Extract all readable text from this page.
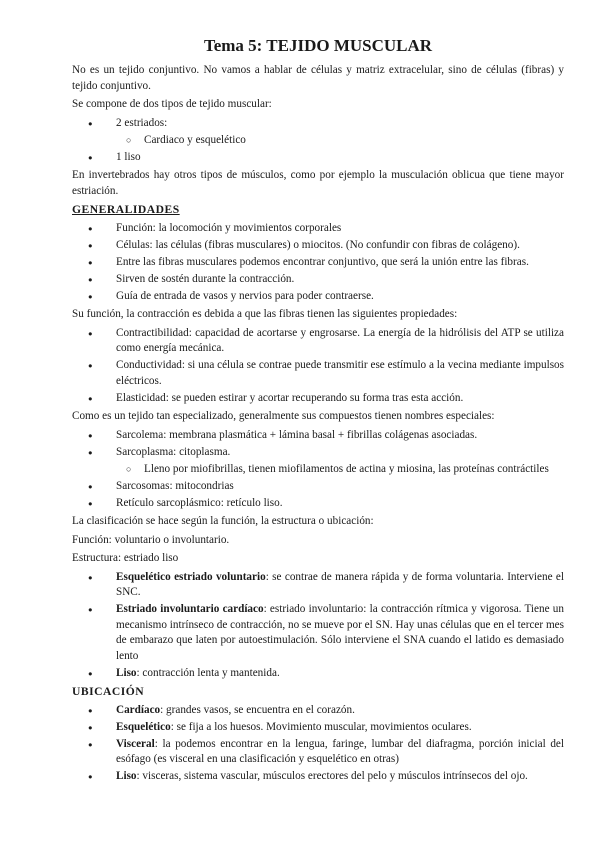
Tema 5: TEJIDO MUSCULAR

No es un tejido conjuntivo. No vamos a hablar de células y matriz extracelular, sino de células (fibras) y tejido conjuntivo.

Se compone de dos tipos de tejido muscular:

● 2 estriados:
○ Cardiaco y esquelético
● 1 liso

En invertebrados hay otros tipos de músculos, como por ejemplo la musculación oblicua que tiene mayor estriación.

GENERALIDADES
● Función: la locomoción y movimientos corporales
● Células: las células (fibras musculares) o miocitos. (No confundir con fibras de colágeno).
● Entre las fibras musculares podemos encontrar conjuntivo, que será la unión entre las fibras.
● Sirven de sostén durante la contracción.
● Guía de entrada de vasos y nervios para poder contraerse.

Su función, la contracción es debida a que las fibras tienen las siguientes propiedades:

● Contractibilidad: capacidad de acortarse y engrosarse. La energía de la hidrólisis del ATP se utiliza como energía mecánica.
● Conductividad: si una célula se contrae puede transmitir ese estímulo a la vecina mediante impulsos eléctricos.
● Elasticidad: se pueden estirar y acortar recuperando su forma tras esta acción.

Como es un tejido tan especializado, generalmente sus compuestos tienen nombres especiales:

● Sarcolema: membrana plasmática + lámina basal + fibrillas colágenas asociadas.
● Sarcoplasma: citoplasma.
○ Lleno por miofibrillas, tienen miofilamentos de actina y miosina, las proteínas contráctiles
● Sarcosomas: mitocondrias
● Retículo sarcoplásmico: retículo liso.

La clasificación se hace según la función, la estructura o ubicación:

Función: voluntario o involuntario.

Estructura: estriado liso

● Esquelético estriado voluntario: se contrae de manera rápida y de forma voluntaria. Interviene el SNC.
● Estriado involuntario cardíaco: estriado involuntario: la contracción rítmica y vigorosa. Tiene un mecanismo intrínseco de contracción, no se mueve por el SN. Hay unas células que en el tercer mes de embarazo que laten por autoestimulación. Sólo interviene el SNA cuando el latido es demasiado lento
● Liso: contracción lenta y mantenida.
UBICACIÓN
● Cardíaco: grandes vasos, se encuentra en el corazón.
● Esquelético: se fija a los huesos. Movimiento muscular, movimientos oculares.
● Visceral: la podemos encontrar en la lengua, faringe, lumbar del diafragma, porción inicial del esófago (es visceral en una clasificación y esquelético en otras)
● Liso: visceras, sistema vascular, músculos erectores del pelo y músculos intrínsecos del ojo.
